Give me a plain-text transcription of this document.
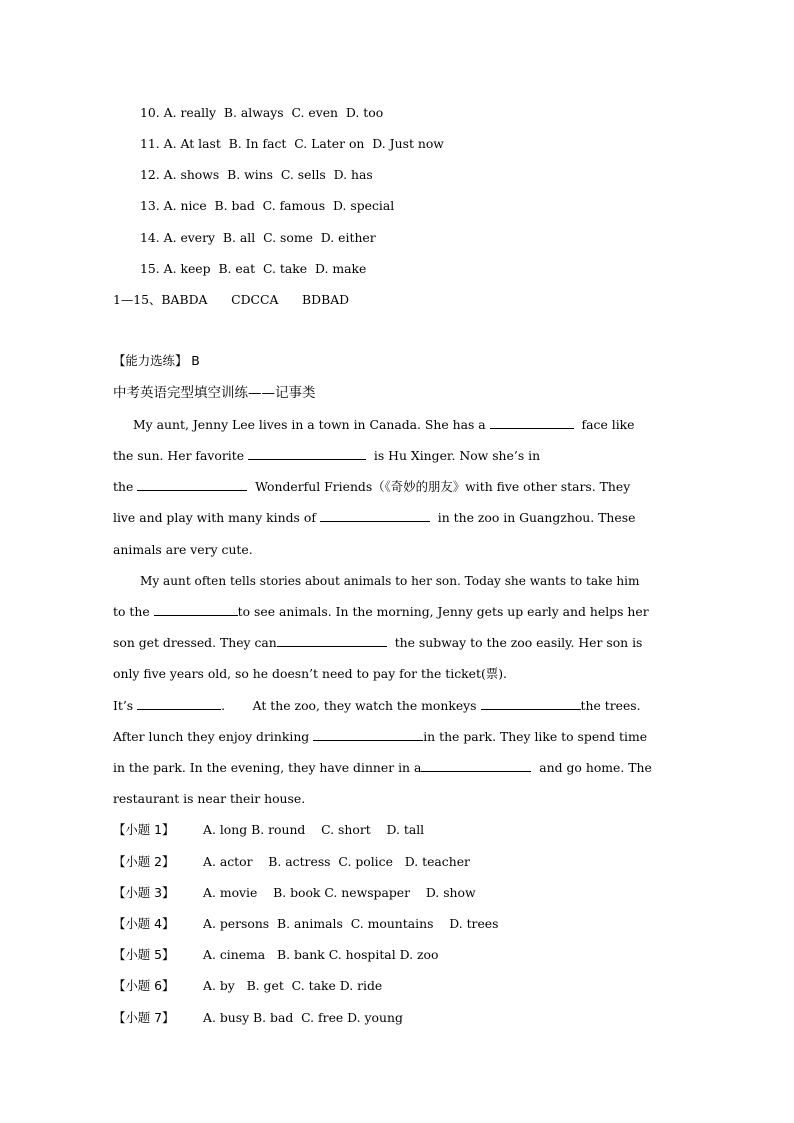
10. A. really  B. always  C. even  D. too
11. A. At last  B. In fact  C. Later on  D. Just now
12. A. shows  B. wins  C. sells  D. has
13. A. nice  B. bad  C. famous  D. special
14. A. every  B. all  C. some  D. either
15. A. keep  B. eat  C. take  D. make
1—15、BABDA      CDCCA      BDBAD
【能力选练】 B
中考英语完型填空训练——记事类
My aunt, Jenny Lee lives in a town in Canada. She has a	face like
the sun. Her favorite	is Hu Xinger. Now she’s in
the	Wonderful Friends（《奇妙的朋友》with five other stars. They
live and play with many kinds of	in the zoo in Guangzhou. These
animals are very cute.
My aunt often tells stories about animals to her son. Today she wants to take him
to the	to see animals. In the morning, Jenny gets up early and helps her
son get dressed. They can	the subway to the zoo easily. Her son is
only five years old, so he doesn’t need to pay for the ticket(票).
It’s	. At the zoo, they watch the monkeys	the trees.
After lunch they enjoy drinking	in the park. They like to spend time
in the park. In the evening, they have dinner in a	and go home. The
restaurant is near their house.
【小题 1】 A. long B. round    C. short    D. tall
【小题 2】 A. actor    B. actress  C. police   D. teacher
【小题 3】 A. movie    B. book C. newspaper    D. show
【小题 4】 A. persons  B. animals  C. mountains    D. trees
【小题 5】 A. cinema   B. bank C. hospital D. zoo
【小题 6】 A. by   B. get  C. take D. ride
【小题 7】 A. busy B. bad  C. free D. young
